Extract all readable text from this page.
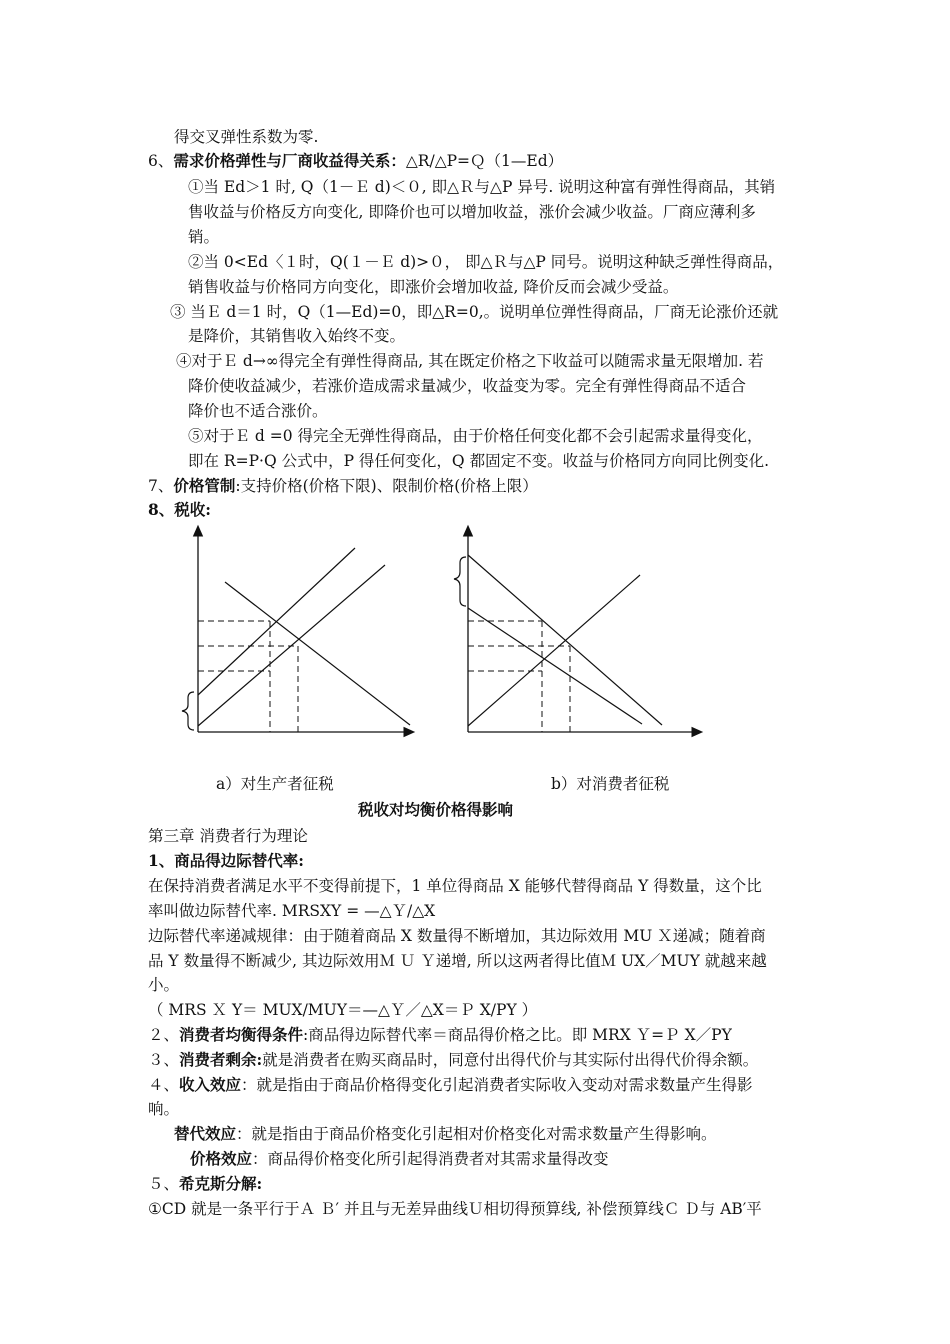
得交叉弹性系数为零.
6、需求价格弹性与厂商收益得关系：△R/△P=Ｑ（1—Ed）
①当 Ed＞1 时, Q（1－Ｅ d)＜０, 即△Ｒ与△P 异号. 说明这种富有弹性得商品，其销
售收益与价格反方向变化, 即降价也可以增加收益，涨价会减少收益。厂商应薄利多
销。
②当 0<Ed〈１时，Q(１－Ｅ d)>０， 即△Ｒ与△P 同号。说明这种缺乏弹性得商品，
销售收益与价格同方向变化，即涨价会增加收益, 降价反而会减少受益。
③ 当Ｅ d＝1 时，Q（1—Ed)=0，即△R=0,。说明单位弹性得商品，厂商无论涨价还就
是降价，其销售收入始终不变。
④对于Ｅ d→∞得完全有弹性得商品, 其在既定价格之下收益可以随需求量无限增加. 若
降价使收益减少，若涨价造成需求量减少，收益变为零。完全有弹性得商品不适合
降价也不适合涨价。
⑤对于Ｅ d =0 得完全无弹性得商品，由于价格任何变化都不会引起需求量得变化，
即在 R=P·Q 公式中，P 得任何变化，Q 都固定不变。收益与价格同方向同比例变化.
7、价格管制:支持价格(价格下限)、限制价格(价格上限）
8、税收:
a）对生产者征税	b）对消费者征税
税收对均衡价格得影响
第三章 消费者行为理论
1、商品得边际替代率:
在保持消费者满足水平不变得前提下，1 单位得商品 X 能够代替得商品 Y 得数量，这个比
率叫做边际替代率. MRSXY = —△Ｙ/△X
边际替代率递减规律：由于随着商品 X 数量得不断增加，其边际效用 MU Ｘ递减；随着商
品 Y 数量得不断减少, 其边际效用Ｍ Ｕ Ｙ递增, 所以这两者得比值Ｍ UX／MUY 就越来越
小。
（ MRS Ｘ Y＝ MUX/MUY＝—△Ｙ／△X＝Ｐ X/PY ）
２、消费者均衡得条件:商品得边际替代率＝商品得价格之比。即 MRX Ｙ=Ｐ X／PY
３、消费者剩余:就是消费者在购买商品时，同意付出得代价与其实际付出得代价得余额。
４、收入效应：就是指由于商品价格得变化引起消费者实际收入变动对需求数量产生得影
响。
替代效应：就是指由于商品价格变化引起相对价格变化对需求数量产生得影响。
价格效应：商品得价格变化所引起得消费者对其需求量得改变
５、希克斯分解:
①CD 就是一条平行于Ａ Ｂ′ 并且与无差异曲线Ｕ相切得预算线, 补偿预算线Ｃ Ｄ与 AB′平
